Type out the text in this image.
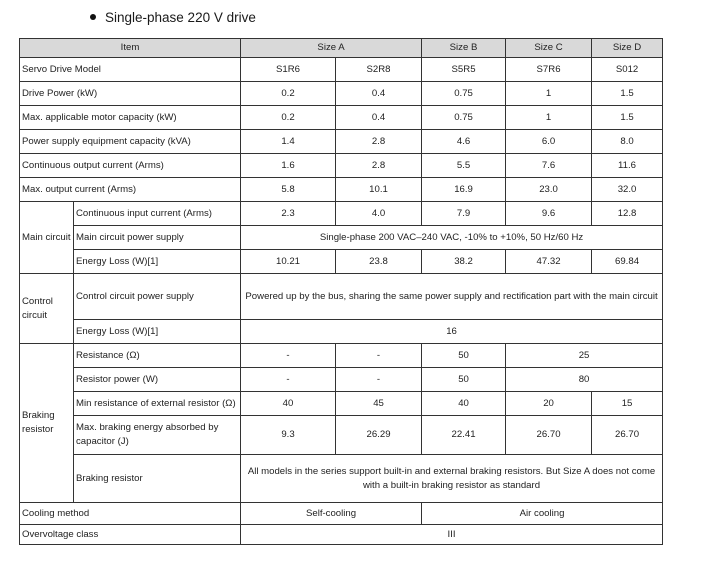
Single-phase 220 V drive
Item		Size A		Size B	Size C	Size D
Servo Drive Model		S1R6	S2R8	S5R5	S7R6	S012
Drive Power (kW)		0.2	0.4	0.75	1	1.5
Max. applicable motor capacity (kW)		0.2	0.4	0.75	1	1.5
Power supply equipment capacity (kVA)		1.4	2.8	4.6	6.0	8.0
Continuous output current (Arms)		1.6	2.8	5.5	7.6	11.6
Max. output current (Arms)		5.8	10.1	16.9	23.0	32.0
Main circuit	Continuous input current (Arms)	2.3	4.0	7.9	9.6	12.8
	Main circuit power supply	Single-phase 200 VAC–240 VAC, -10% to +10%, 50 Hz/60 Hz				
	Energy Loss (W)[1]	10.21	23.8	38.2	47.32	69.84
Control circuit	Control circuit power supply	Powered up by the bus, sharing the same power supply and rectification part with the main circuit				
	Energy Loss (W)[1]	16				
Braking resistor	Resistance (Ω)	-	-	50	25	
	Resistor power (W)	-	-	50	80	
	Min resistance of external resistor (Ω)	40	45	40	20	15
	Max. braking energy absorbed by capacitor (J)	9.3	26.29	22.41	26.70	26.70
	Braking resistor	All models in the series support built-in and external braking resistors. But Size A does not come with a built-in braking resistor as standard				
Cooling method		Self-cooling		Air cooling		
Overvoltage class		III				
